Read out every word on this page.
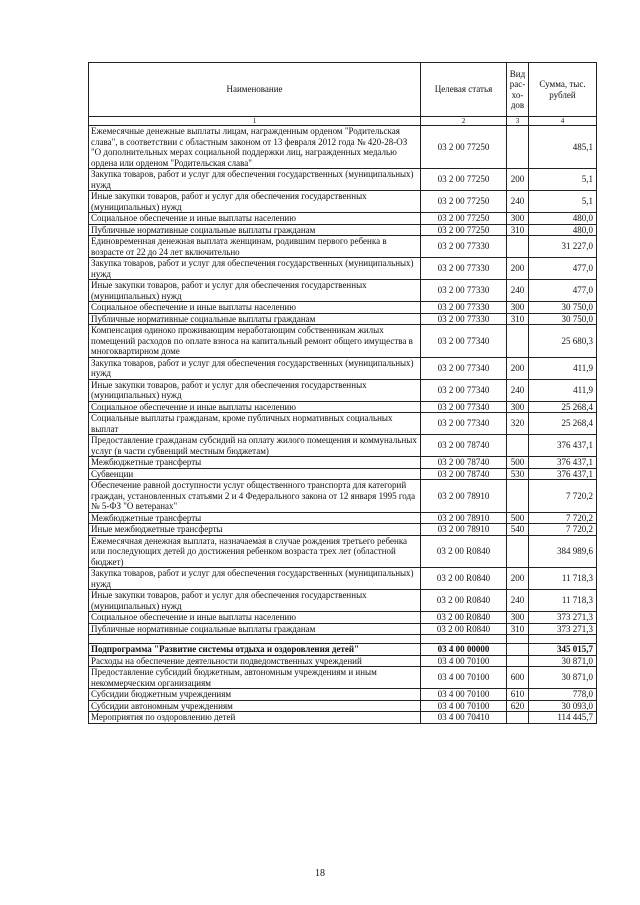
Наименование	Целевая статья	Вид рас-хо-дов	Сумма, тыс. рублей
1	2	3	4
Ежемесячные денежные выплаты лицам, награжденным орденом "Родительская слава", в соответствии с областным законом от 13 февраля 2012 года № 420-28-ОЗ "О дополнительных мерах социальной поддержки лиц, награжденных медалью ордена или орденом "Родительская слава"	03 2 00 77250		485,1
Закупка товаров, работ и услуг для обеспечения государственных (муниципальных) нужд	03 2 00 77250	200	5,1
Иные закупки товаров, работ и услуг для обеспечения государственных (муниципальных) нужд	03 2 00 77250	240	5,1
Социальное обеспечение и иные выплаты населению	03 2 00 77250	300	480,0
Публичные нормативные социальные выплаты гражданам	03 2 00 77250	310	480,0
Единовременная денежная выплата женщинам, родившим первого ребенка в возрасте от 22 до 24 лет включительно	03 2 00 77330		31 227,0
Закупка товаров, работ и услуг для обеспечения государственных (муниципальных) нужд	03 2 00 77330	200	477,0
Иные закупки товаров, работ и услуг для обеспечения государственных (муниципальных) нужд	03 2 00 77330	240	477,0
Социальное обеспечение и иные выплаты населению	03 2 00 77330	300	30 750,0
Публичные нормативные социальные выплаты гражданам	03 2 00 77330	310	30 750,0
Компенсация одиноко проживающим неработающим собственникам жилых помещений расходов по оплате взноса на капитальный ремонт общего имущества в многоквартирном доме	03 2 00 77340		25 680,3
Закупка товаров, работ и услуг для обеспечения государственных (муниципальных) нужд	03 2 00 77340	200	411,9
Иные закупки товаров, работ и услуг для обеспечения государственных (муниципальных) нужд	03 2 00 77340	240	411,9
Социальное обеспечение и иные выплаты населению	03 2 00 77340	300	25 268,4
Социальные выплаты гражданам, кроме публичных нормативных социальных выплат	03 2 00 77340	320	25 268,4
Предоставление гражданам субсидий на оплату жилого помещения и коммунальных услуг (в части субвенций местным бюджетам)	03 2 00 78740		376 437,1
Межбюджетные трансферты	03 2 00 78740	500	376 437,1
Субвенции	03 2 00 78740	530	376 437,1
Обеспечение равной доступности услуг общественного транспорта для категорий граждан, установленных статьями 2 и 4 Федерального закона от 12 января 1995 года № 5-ФЗ "О ветеранах"	03 2 00 78910		7 720,2
Межбюджетные трансферты	03 2 00 78910	500	7 720,2
Иные межбюджетные трансферты	03 2 00 78910	540	7 720,2
Ежемесячная денежная выплата, назначаемая в случае рождения третьего ребенка или последующих детей до достижения ребенком возраста трех лет (областной бюджет)	03 2 00 R0840		384 989,6
Закупка товаров, работ и услуг для обеспечения государственных (муниципальных) нужд	03 2 00 R0840	200	11 718,3
Иные закупки товаров, работ и услуг для обеспечения государственных (муниципальных) нужд	03 2 00 R0840	240	11 718,3
Социальное обеспечение и иные выплаты населению	03 2 00 R0840	300	373 271,3
Публичные нормативные социальные выплаты гражданам	03 2 00 R0840	310	373 271,3

Подпрограмма "Развитие системы отдыха и оздоровления детей"	03 4 00 00000		345 015,7
Расходы на обеспечение деятельности подведомственных учреждений	03 4 00 70100		30 871,0
Предоставление субсидий бюджетным, автономным учреждениям и иным некоммерческим организациям	03 4 00 70100	600	30 871,0
Субсидии бюджетным учреждениям	03 4 00 70100	610	778,0
Субсидии автономным учреждениям	03 4 00 70100	620	30 093,0
Мероприятия по оздоровлению детей	03 4 00 70410		114 445,7
18
